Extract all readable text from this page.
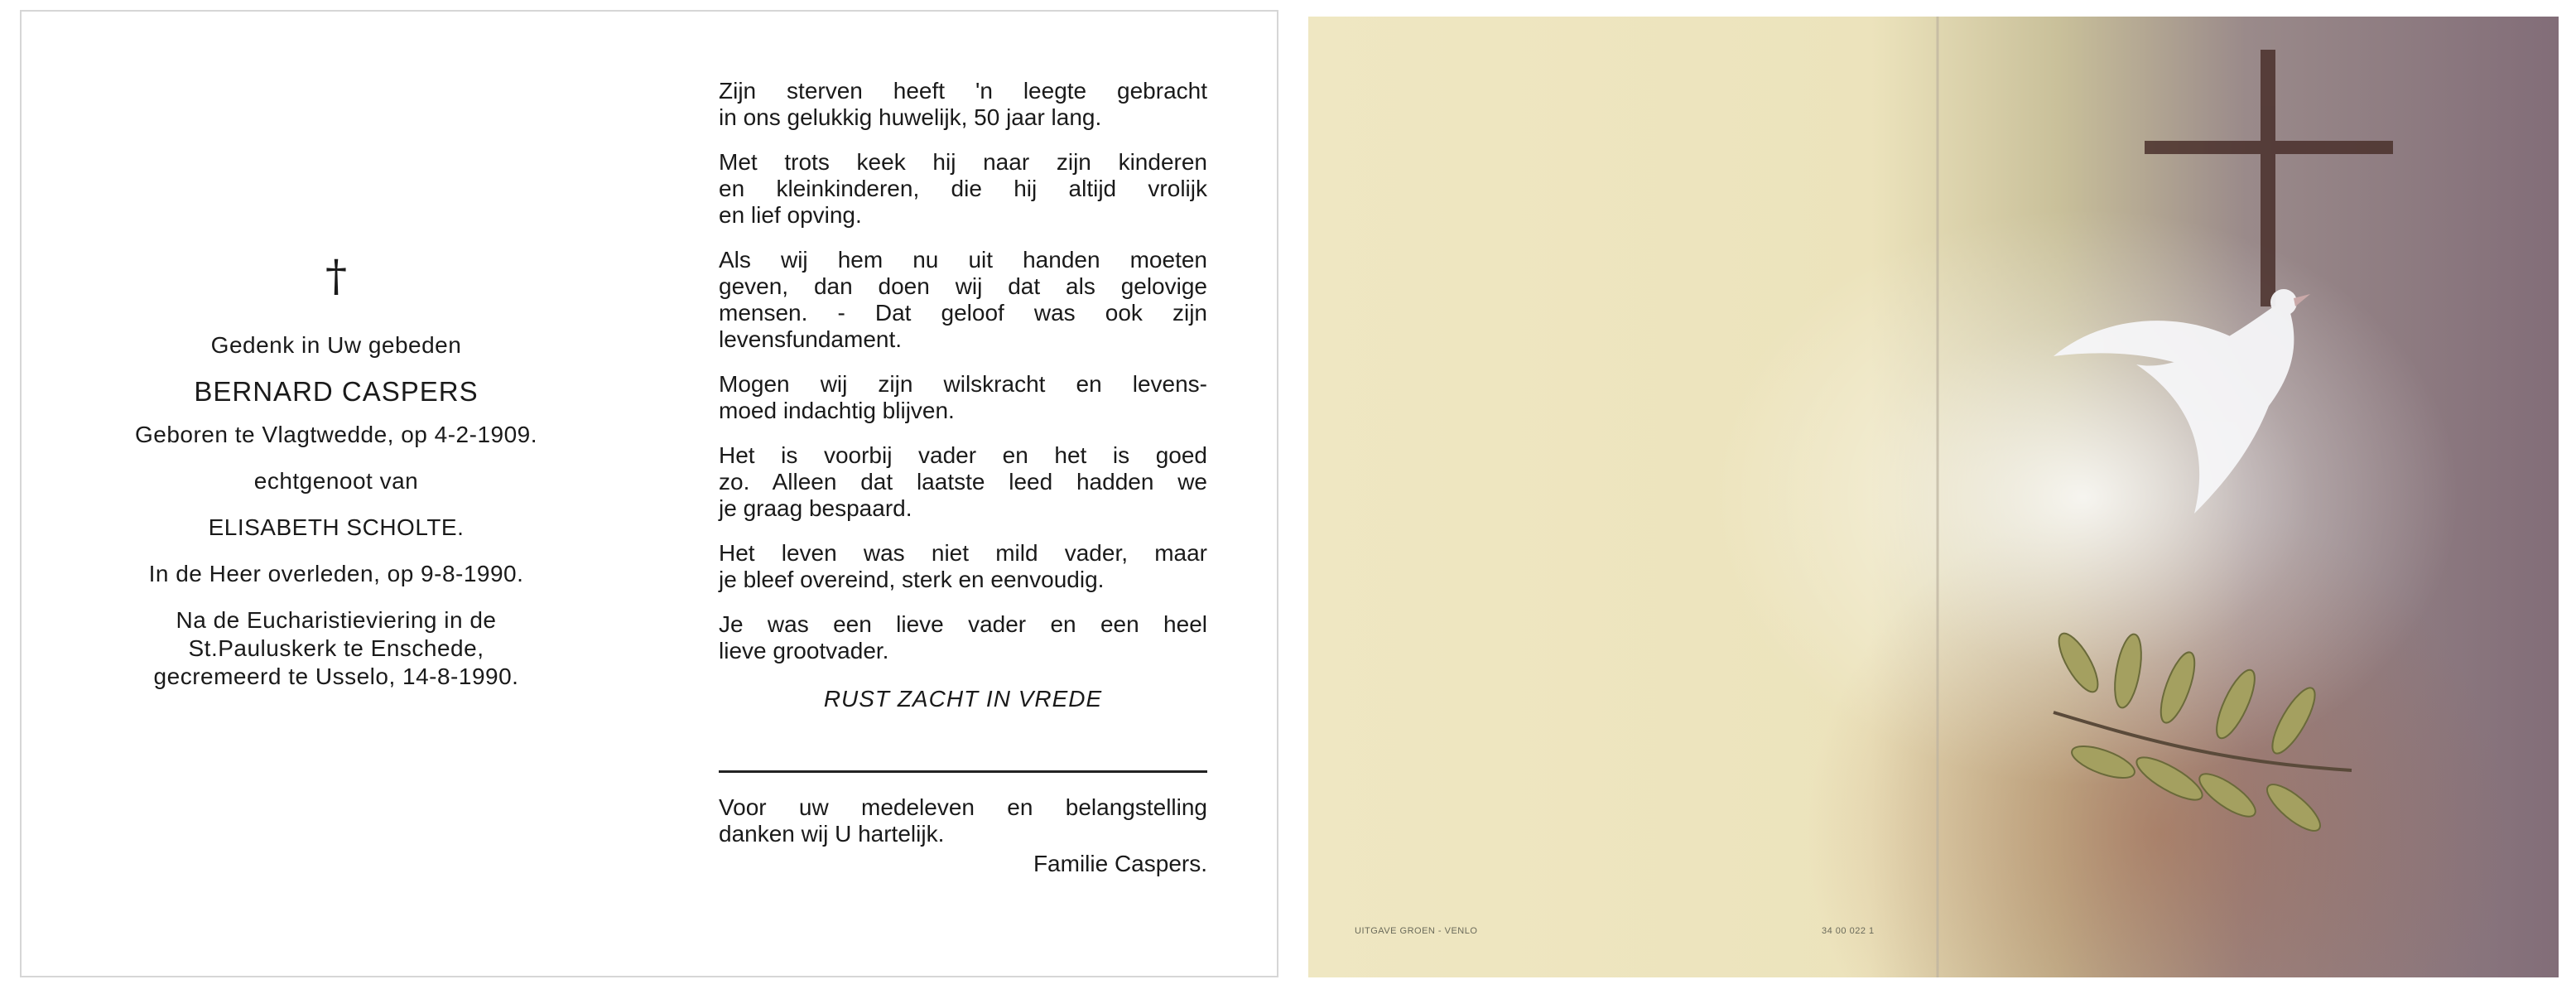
†

Gedenk in Uw gebeden

BERNARD CASPERS

Geboren te Vlagtwedde, op 4-2-1909.

echtgenoot van

ELISABETH SCHOLTE.

In de Heer overleden, op 9-8-1990.

Na de Eucharistieviering in de

St.Pauluskerk te Enschede,

gecremeerd te Usselo, 14-8-1990.

Zijn sterven heeft 'n leegte gebracht
in ons gelukkig huwelijk, 50 jaar lang.
Met trots keek hij naar zijn kinderen
en kleinkinderen, die hij altijd vrolijk
en lief opving.
Als wij hem nu uit handen moeten
geven, dan doen wij dat als gelovige
mensen. - Dat geloof was ook zijn
levensfundament.
Mogen wij zijn wilskracht en levens-
moed indachtig blijven.
Het is voorbij vader en het is goed
zo. Alleen dat laatste leed hadden we
je graag bespaard.
Het leven was niet mild vader, maar
je bleef overeind, sterk en eenvoudig.
Je was een lieve vader en een heel
lieve grootvader.

RUST ZACHT IN VREDE

Voor uw medeleven en belangstelling
danken wij U hartelijk.

Familie Caspers.

UITGAVE GROEN - VENLO	34 00 022 1
